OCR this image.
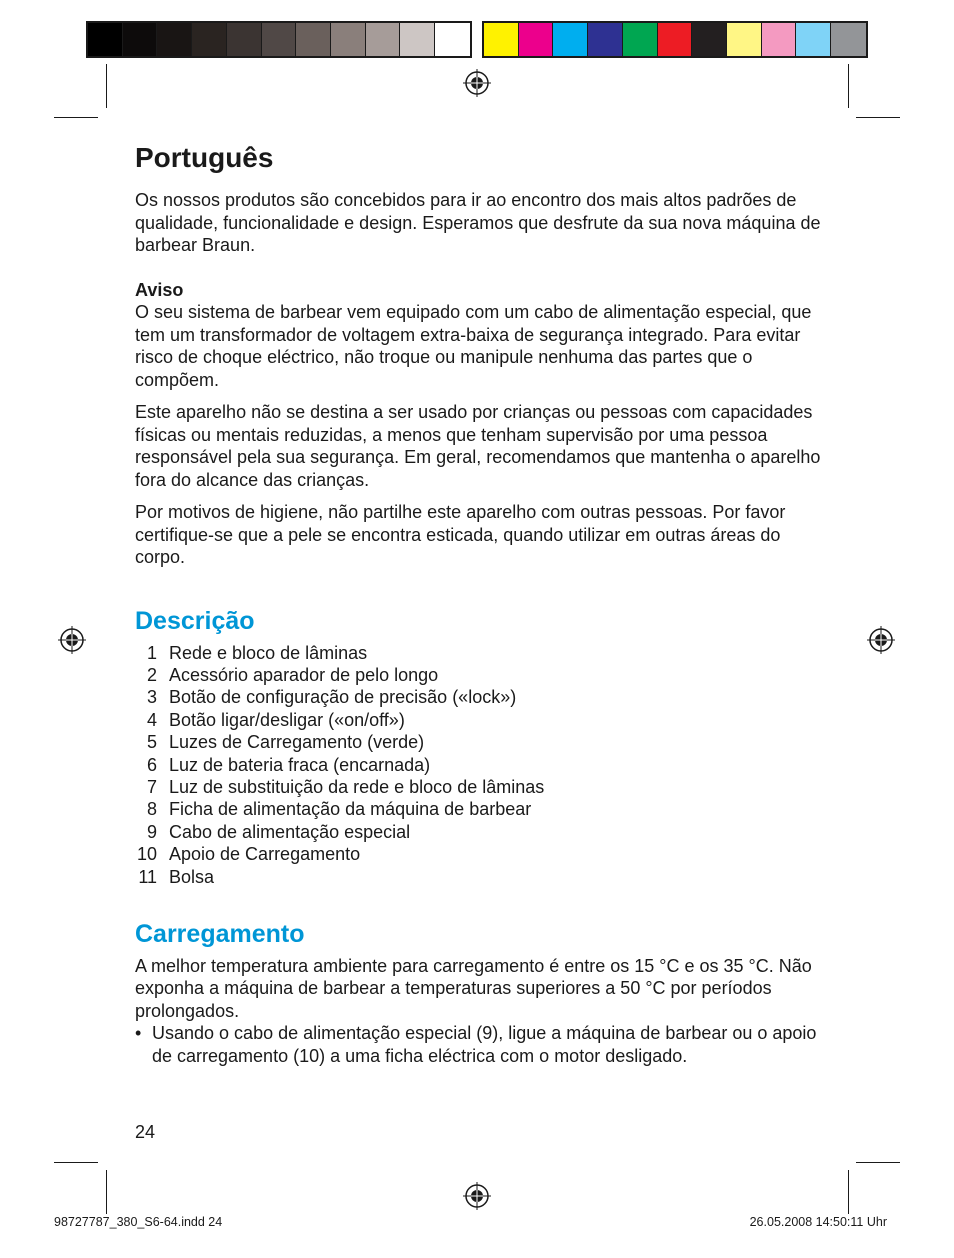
Português

Os nossos produtos são concebidos para ir ao encontro dos mais altos padrões de qualidade, funcionalidade e design. Esperamos que desfrute da sua nova máquina de barbear Braun.

Aviso

O seu sistema de barbear vem equipado com um cabo de alimentação especial, que tem um transformador de voltagem extra-baixa de segurança integrado. Para evitar risco de choque eléctrico, não troque ou manipule nenhuma das partes que o compõem.

Este aparelho não se destina a ser usado por crianças ou pessoas com capacidades físicas ou mentais reduzidas, a menos que tenham supervisão por uma pessoa responsável pela sua segurança. Em geral, recomendamos que mantenha o aparelho fora do alcance das crianças.

Por motivos de higiene, não partilhe este aparelho com outras pessoas. Por favor certifique-se que a pele se encontra esticada, quando utilizar em outras áreas do corpo.

Descrição
1 Rede e bloco de lâminas
2 Acessório aparador de pelo longo
3 Botão de configuração de precisão («lock»)
4 Botão ligar/desligar («on/off»)
5 Luzes de Carregamento (verde)
6 Luz de bateria fraca (encarnada)
7 Luz de substituição da rede e bloco de lâminas
8 Ficha de alimentação da máquina de barbear
9 Cabo de alimentação especial
10 Apoio de Carregamento
11 Bolsa
Carregamento

A melhor temperatura ambiente para carregamento é entre os 15 °C e os 35 °C. Não exponha a máquina de barbear a temperaturas superiores a 50 °C por períodos prolongados.

• Usando o cabo de alimentação especial (9), ligue a máquina de barbear ou o apoio de carregamento (10) a uma ficha eléctrica com o motor desligado.
24
98727787_380_S6-64.indd 24	26.05.2008 14:50:11 Uhr
